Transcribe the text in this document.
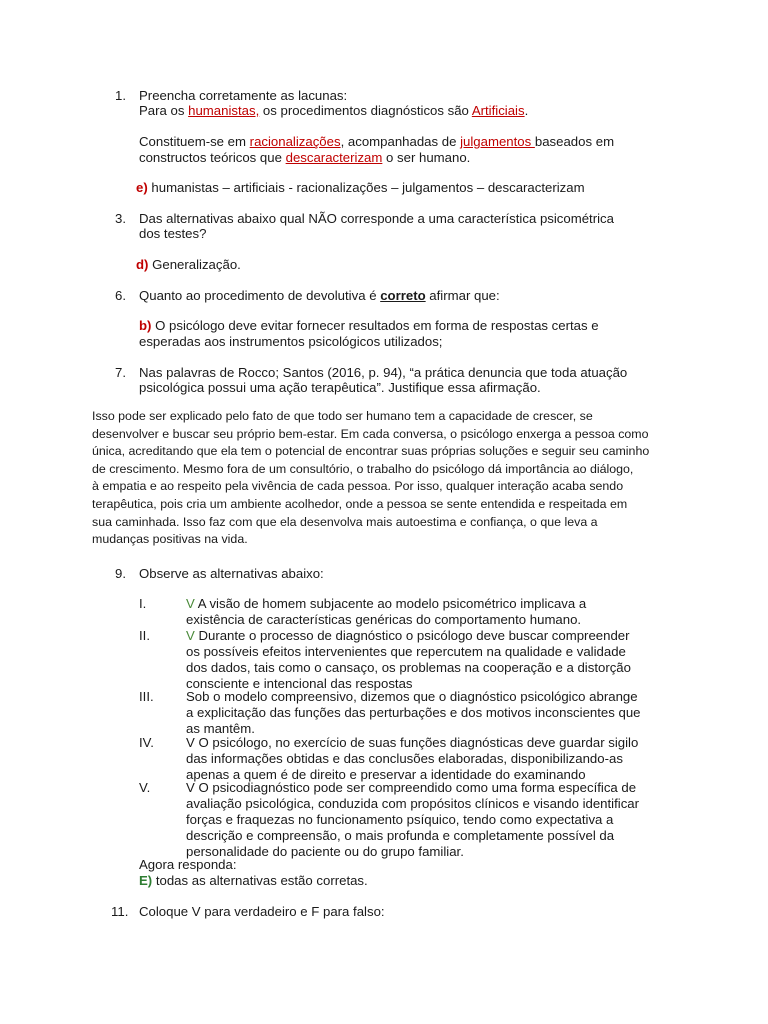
1. Preencha corretamente as lacunas:
Para os humanistas, os procedimentos diagnósticos são Artificiais.
Constituem-se em racionalizações, acompanhadas de julgamentos baseados em
constructos teóricos que descaracterizam o ser humano.
e) humanistas – artificiais - racionalizações – julgamentos – descaracterizam
3. Das alternativas abaixo qual NÃO corresponde a uma característica psicométrica
dos testes?
d) Generalização.
6. Quanto ao procedimento de devolutiva é correto afirmar que:
b) O psicólogo deve evitar fornecer resultados em forma de respostas certas e
esperadas aos instrumentos psicológicos utilizados;
7. Nas palavras de Rocco; Santos (2016, p. 94), “a prática denuncia que toda atuação
psicológica possui uma ação terapêutica”. Justifique essa afirmação.
Isso pode ser explicado pelo fato de que todo ser humano tem a capacidade de crescer, se
desenvolver e buscar seu próprio bem-estar. Em cada conversa, o psicólogo enxerga a pessoa como
única, acreditando que ela tem o potencial de encontrar suas próprias soluções e seguir seu caminho
de crescimento. Mesmo fora de um consultório, o trabalho do psicólogo dá importância ao diálogo,
à empatia e ao respeito pela vivência de cada pessoa. Por isso, qualquer interação acaba sendo
terapêutica, pois cria um ambiente acolhedor, onde a pessoa se sente entendida e respeitada em
sua caminhada. Isso faz com que ela desenvolva mais autoestima e confiança, o que leva a
mudanças positivas na vida.
9. Observe as alternativas abaixo:
I.	V A visão de homem subjacente ao modelo psicométrico implicava a
existência de características genéricas do comportamento humano.
II.	V Durante o processo de diagnóstico o psicólogo deve buscar compreender
os possíveis efeitos intervenientes que repercutem na qualidade e validade
dos dados, tais como o cansaço, os problemas na cooperação e a distorção
consciente e intencional das respostas
III. Sob o modelo compreensivo, dizemos que o diagnóstico psicológico abrange
a explicitação das funções das perturbações e dos motivos inconscientes que
as mantêm.
IV. V O psicólogo, no exercício de suas funções diagnósticas deve guardar sigilo
das informações obtidas e das conclusões elaboradas, disponibilizando-as
apenas a quem é de direito e preservar a identidade do examinando
V.	V O psicodiagnóstico pode ser compreendido como uma forma específica de
avaliação psicológica, conduzida com propósitos clínicos e visando identificar
forças e fraquezas no funcionamento psíquico, tendo como expectativa a
descrição e compreensão, o mais profunda e completamente possível da
personalidade do paciente ou do grupo familiar.
Agora responda:
E) todas as alternativas estão corretas.
11. Coloque V para verdadeiro e F para falso:
